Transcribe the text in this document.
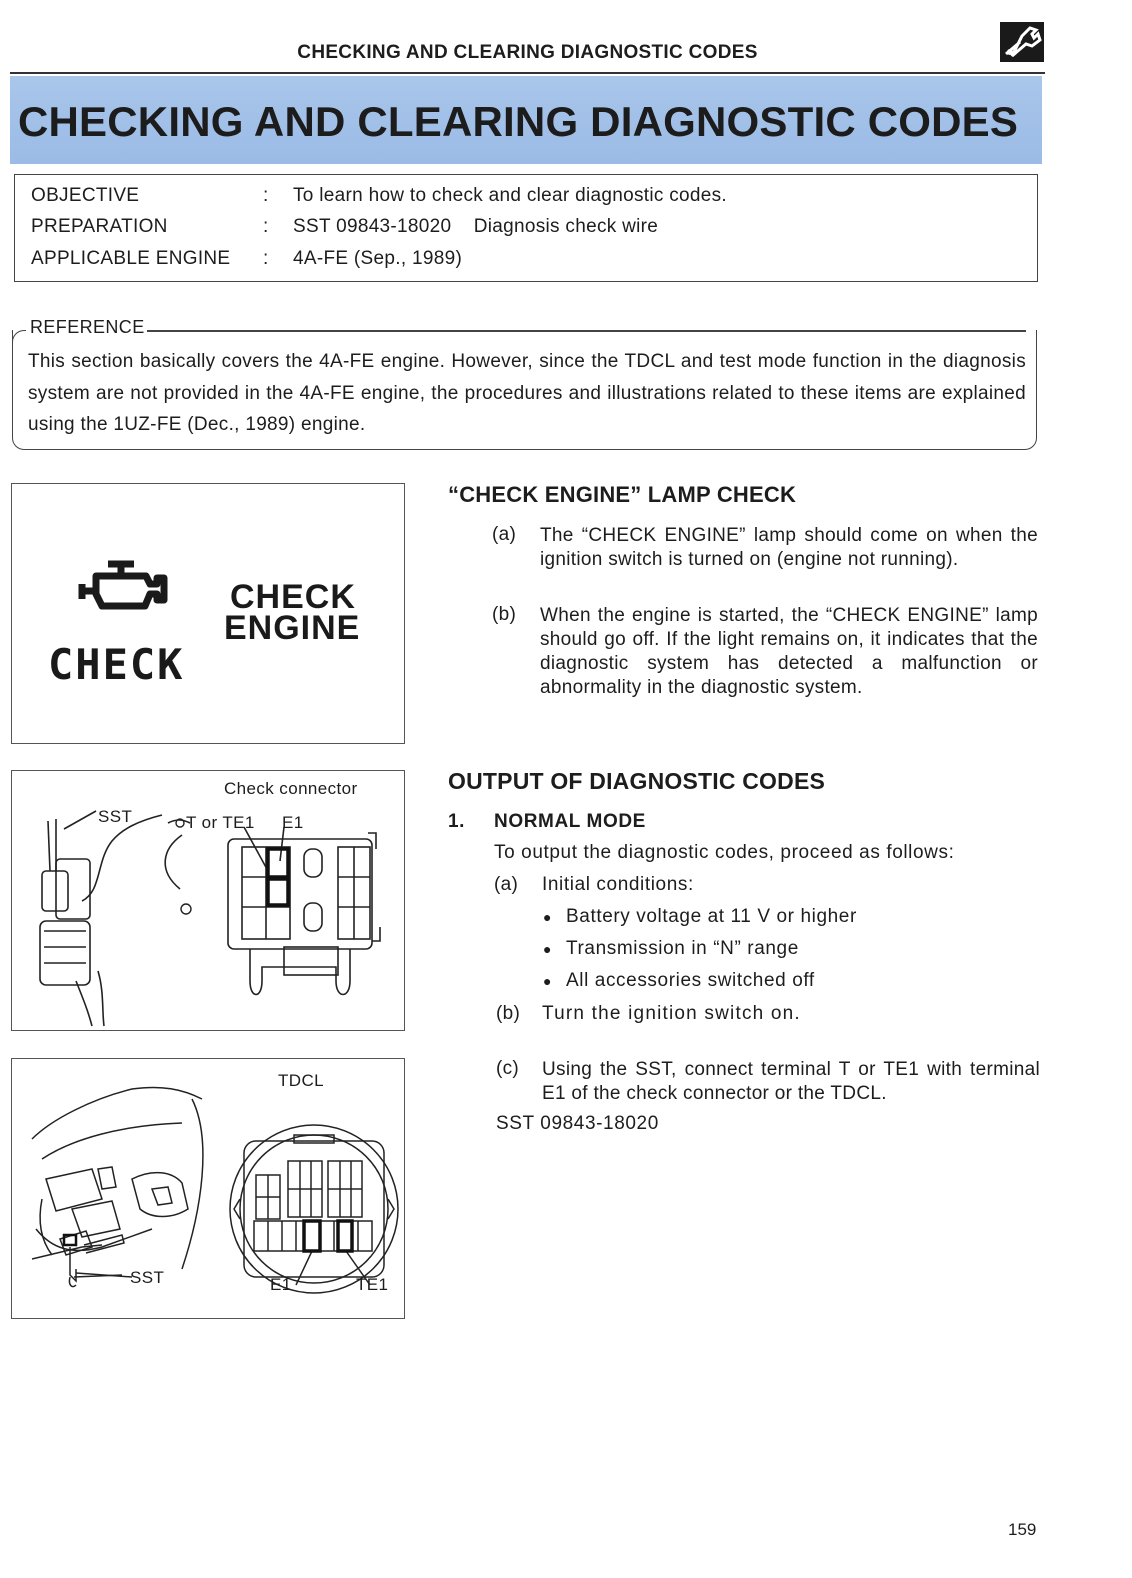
CHECKING AND CLEARING DIAGNOSTIC CODES
CHECKING AND CLEARING DIAGNOSTIC CODES
OBJECTIVE	: To learn how to check and clear diagnostic codes.
PREPARATION	: SST 09843-18020    Diagnosis check wire
APPLICABLE ENGINE : 4A-FE (Sep., 1989)
REFERENCE
This section basically covers the 4A-FE engine. However, since the TDCL and test mode function in the diagnosis system are not provided in the 4A-FE engine, the procedures and illustrations related to these items are explained using the 1UZ-FE (Dec., 1989) engine.
CHECK
CHECK
ENGINE
Check connector
SST	T or TE1 E1
TDCL
SST	E1	TE1
“CHECK ENGINE” LAMP CHECK
(a) The “CHECK ENGINE” lamp should come on when the ignition switch is turned on (engine not running).
(b) When the engine is started, the “CHECK ENGINE” lamp should go off. If the light remains on, it indicates that the diagnostic system has detected a malfunction or abnormality in the diagnostic system.
OUTPUT OF DIAGNOSTIC CODES
1. NORMAL MODE
To output the diagnostic codes, proceed as follows:
(a) Initial conditions:
● Battery voltage at 11 V or higher
● Transmission in “N” range
● All accessories switched off
(b) Turn the ignition switch on.
(c) Using the SST, connect terminal T or TE1 with terminal E1 of the check connector or the TDCL.
SST 09843-18020
159
